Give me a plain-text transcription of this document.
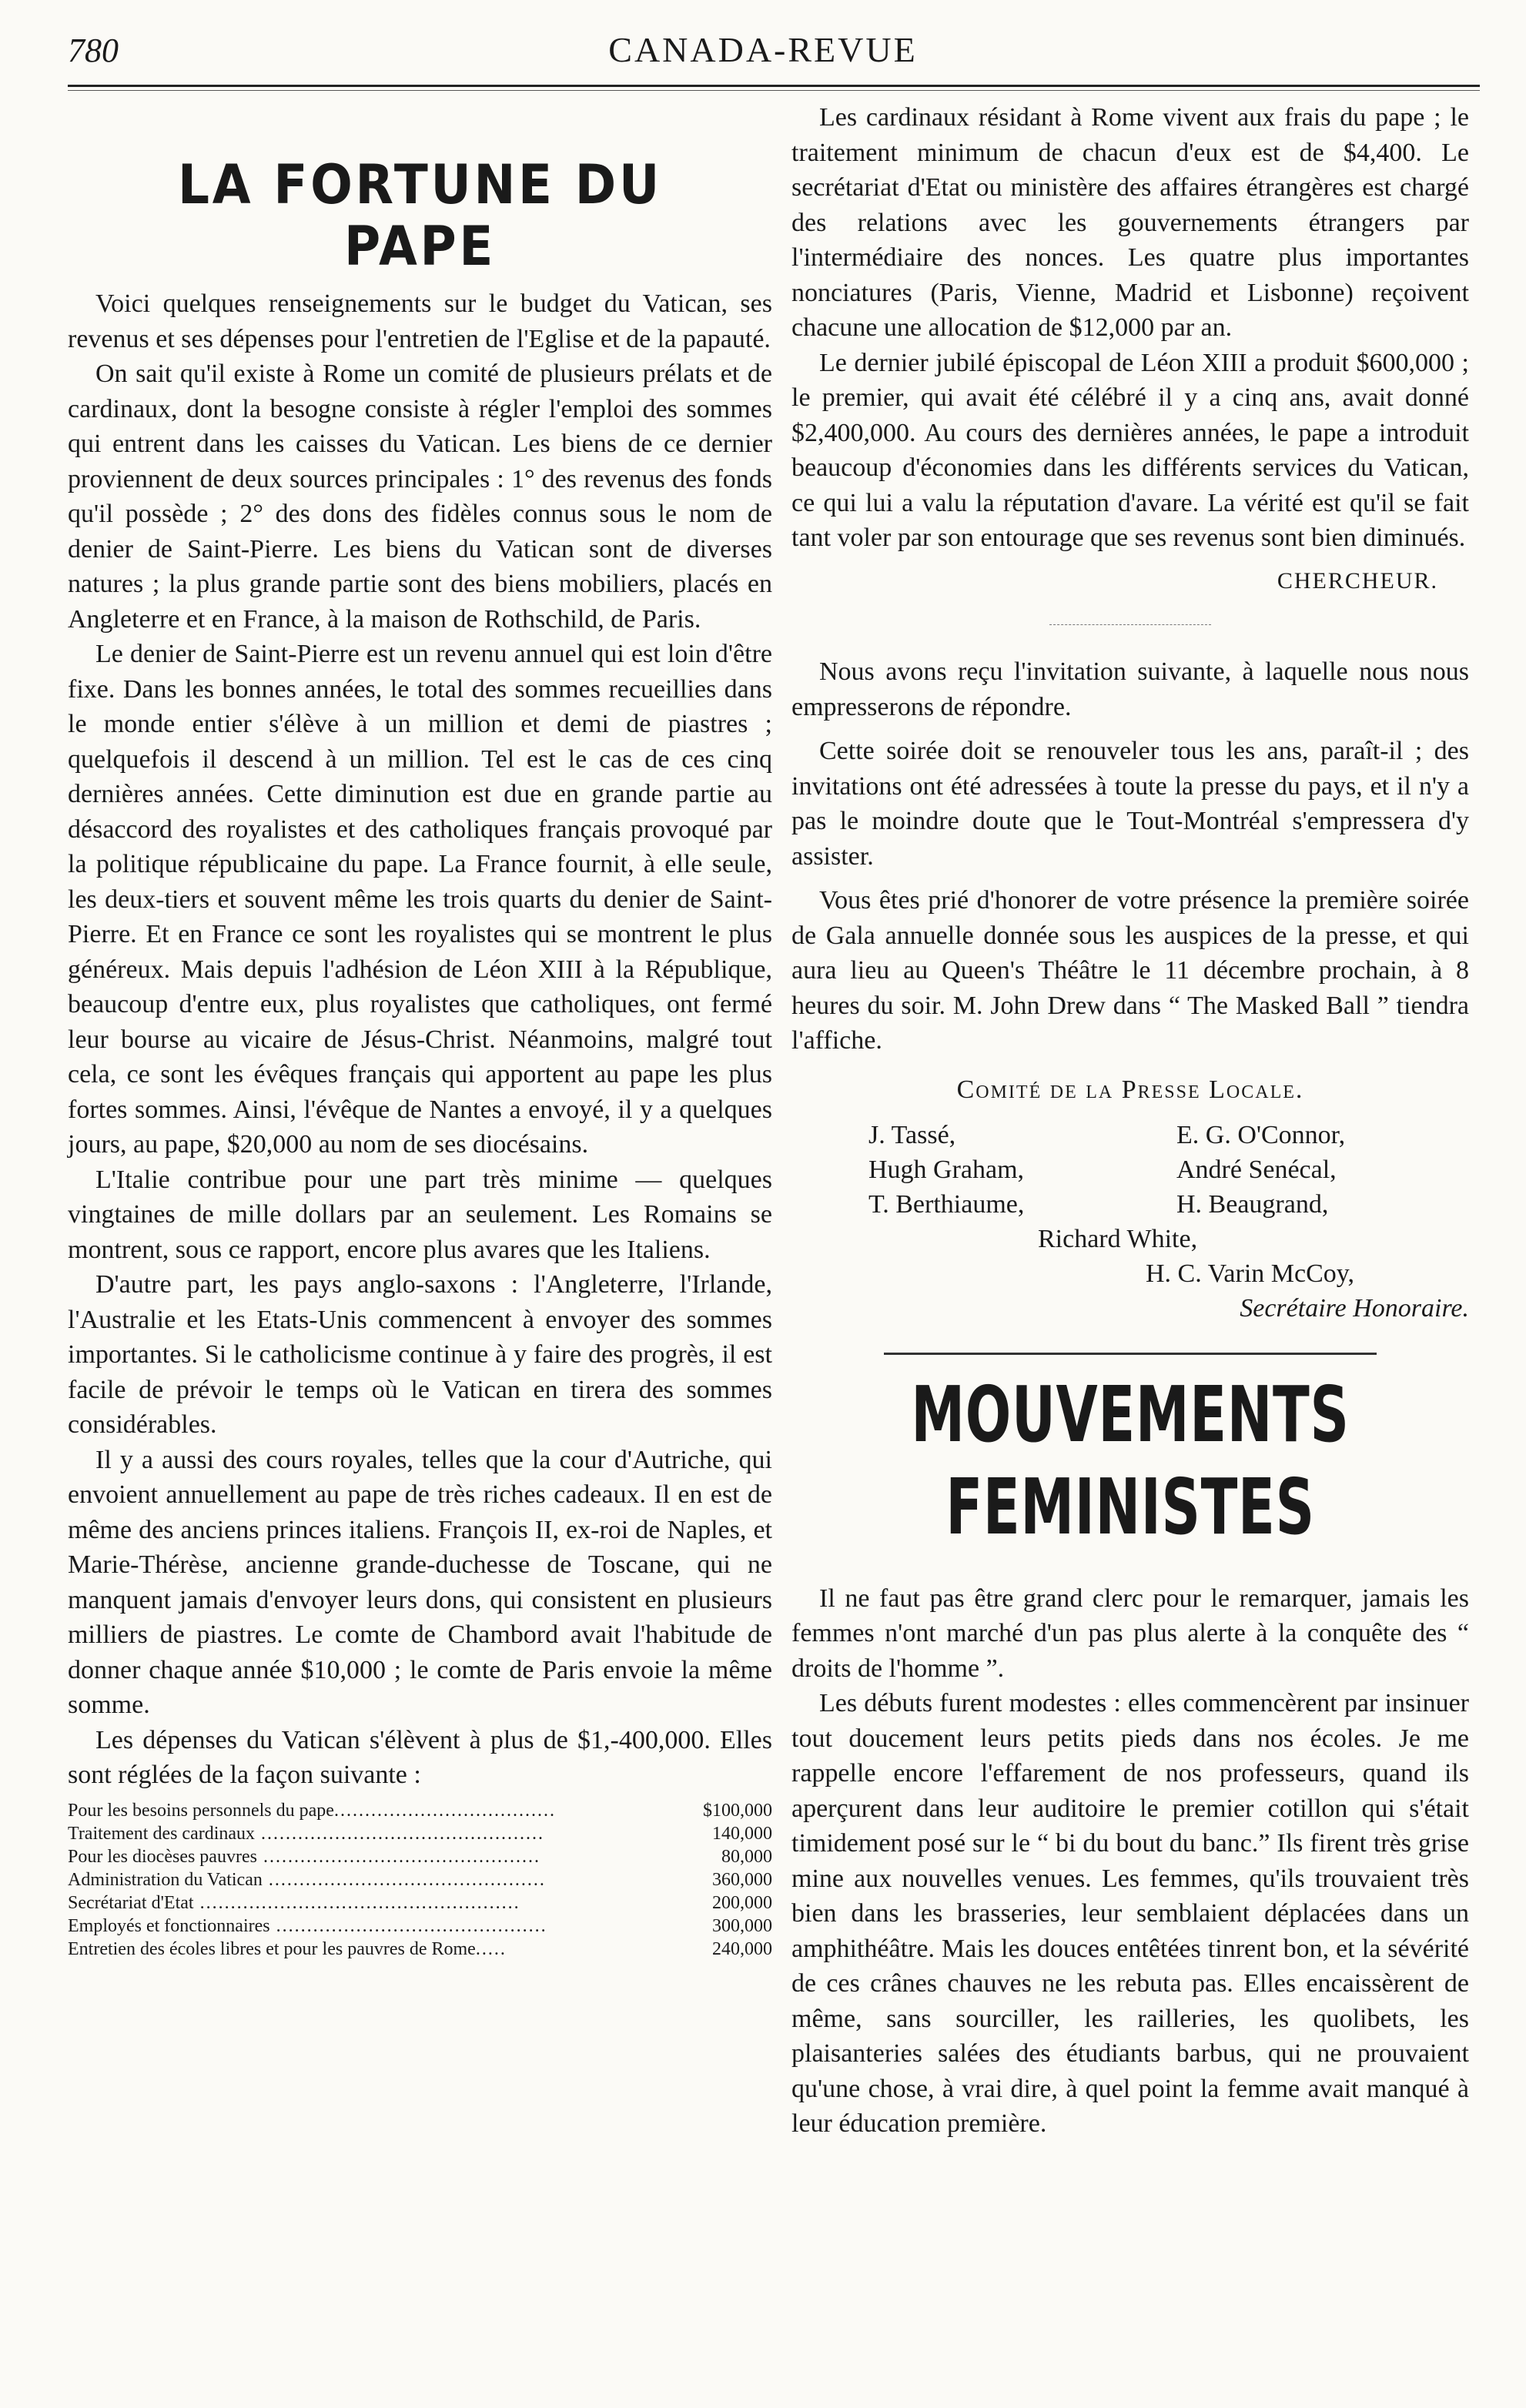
780	CANADA-REVUE

LA FORTUNE DU PAPE

Voici quelques renseignements sur le budget du Vatican, ses revenus et ses dépenses pour l'entretien de l'Eglise et de la papauté.

On sait qu'il existe à Rome un comité de plusieurs prélats et de cardinaux, dont la besogne consiste à régler l'emploi des sommes qui entrent dans les caisses du Vatican. Les biens de ce dernier proviennent de deux sources principales : 1° des revenus des fonds qu'il possède ; 2° des dons des fidèles connus sous le nom de denier de Saint-Pierre. Les biens du Vatican sont de diverses natures ; la plus grande partie sont des biens mobiliers, placés en Angleterre et en France, à la maison de Rothschild, de Paris.

Le denier de Saint-Pierre est un revenu annuel qui est loin d'être fixe. Dans les bonnes années, le total des sommes recueillies dans le monde entier s'élève à un million et demi de piastres ; quelquefois il descend à un million. Tel est le cas de ces cinq dernières années. Cette diminution est due en grande partie au désaccord des royalistes et des catholiques français provoqué par la politique républicaine du pape. La France fournit, à elle seule, les deux-tiers et souvent même les trois quarts du denier de Saint-Pierre. Et en France ce sont les royalistes qui se montrent le plus généreux. Mais depuis l'adhésion de Léon XIII à la République, beaucoup d'entre eux, plus royalistes que catholiques, ont fermé leur bourse au vicaire de Jésus-Christ. Néanmoins, malgré tout cela, ce sont les évêques français qui apportent au pape les plus fortes sommes. Ainsi, l'évêque de Nantes a envoyé, il y a quelques jours, au pape, $20,000 au nom de ses diocésains.

L'Italie contribue pour une part très minime — quelques vingtaines de mille dollars par an seulement. Les Romains se montrent, sous ce rapport, encore plus avares que les Italiens.

D'autre part, les pays anglo-saxons : l'Angleterre, l'Irlande, l'Australie et les Etats-Unis commencent à envoyer des sommes importantes. Si le catholicisme continue à y faire des progrès, il est facile de prévoir le temps où le Vatican en tirera des sommes considérables.

Il y a aussi des cours royales, telles que la cour d'Autriche, qui envoient annuellement au pape de très riches cadeaux. Il en est de même des anciens princes italiens. François II, ex-roi de Naples, et Marie-Thérèse, ancienne grande-duchesse de Toscane, qui ne manquent jamais d'envoyer leurs dons, qui consistent en plusieurs milliers de piastres. Le comte de Chambord avait l'habitude de donner chaque année $10,000 ; le comte de Paris envoie la même somme.

Les dépenses du Vatican s'élèvent à plus de $1,-400,000. Elles sont réglées de la façon suivante :

Pour les besoins personnels du pape....................................	$100,000
Traitement des cardinaux ..............................................	140,000
Pour les diocèses pauvres .............................................	80,000
Administration du Vatican .............................................	360,000
Secrétariat d'Etat ....................................................	200,000
Employés et fonctionnaires ............................................	300,000
Entretien des écoles libres et pour les pauvres de Rome.....	240,000

Les cardinaux résidant à Rome vivent aux frais du pape ; le traitement minimum de chacun d'eux est de $4,400. Le secrétariat d'Etat ou ministère des affaires étrangères est chargé des relations avec les gouvernements étrangers par l'intermédiaire des nonces. Les quatre plus importantes nonciatures (Paris, Vienne, Madrid et Lisbonne) reçoivent chacune une allocation de $12,000 par an.

Le dernier jubilé épiscopal de Léon XIII a produit $600,000 ; le premier, qui avait été célébré il y a cinq ans, avait donné $2,400,000. Au cours des dernières années, le pape a introduit beaucoup d'économies dans les différents services du Vatican, ce qui lui a valu la réputation d'avare. La vérité est qu'il se fait tant voler par son entourage que ses revenus sont bien diminués.

CHERCHEUR.

Nous avons reçu l'invitation suivante, à laquelle nous nous empresserons de répondre.

Cette soirée doit se renouveler tous les ans, paraît-il ; des invitations ont été adressées à toute la presse du pays, et il n'y a pas le moindre doute que le Tout-Montréal s'empressera d'y assister.

Vous êtes prié d'honorer de votre présence la première soirée de Gala annuelle donnée sous les auspices de la presse, et qui aura lieu au Queen's Théâtre le 11 décembre prochain, à 8 heures du soir. M. John Drew dans “ The Masked Ball ” tiendra l'affiche.

Comité de la Presse Locale.

J. Tassé,	E. G. O'Connor,
Hugh Graham,	André Senécal,
T. Berthiaume,	H. Beaugrand,
Richard White,
H. C. Varin McCoy,

Secrétaire Honoraire.

MOUVEMENTS FEMINISTES

Il ne faut pas être grand clerc pour le remarquer, jamais les femmes n'ont marché d'un pas plus alerte à la conquête des “ droits de l'homme ”.

Les débuts furent modestes : elles commencèrent par insinuer tout doucement leurs petits pieds dans nos écoles. Je me rappelle encore l'effarement de nos professeurs, quand ils aperçurent dans leur auditoire le premier cotillon qui s'était timidement posé sur le “ bi du bout du banc.” Ils firent très grise mine aux nouvelles venues. Les femmes, qu'ils trouvaient très bien dans les brasseries, leur semblaient déplacées dans un amphithéâtre. Mais les douces entêtées tinrent bon, et la sévérité de ces crânes chauves ne les rebuta pas. Elles encaissèrent de même, sans sourciller, les railleries, les quolibets, les plaisanteries salées des étudiants barbus, qui ne prouvaient qu'une chose, à vrai dire, à quel point la femme avait manqué à leur éducation première.
